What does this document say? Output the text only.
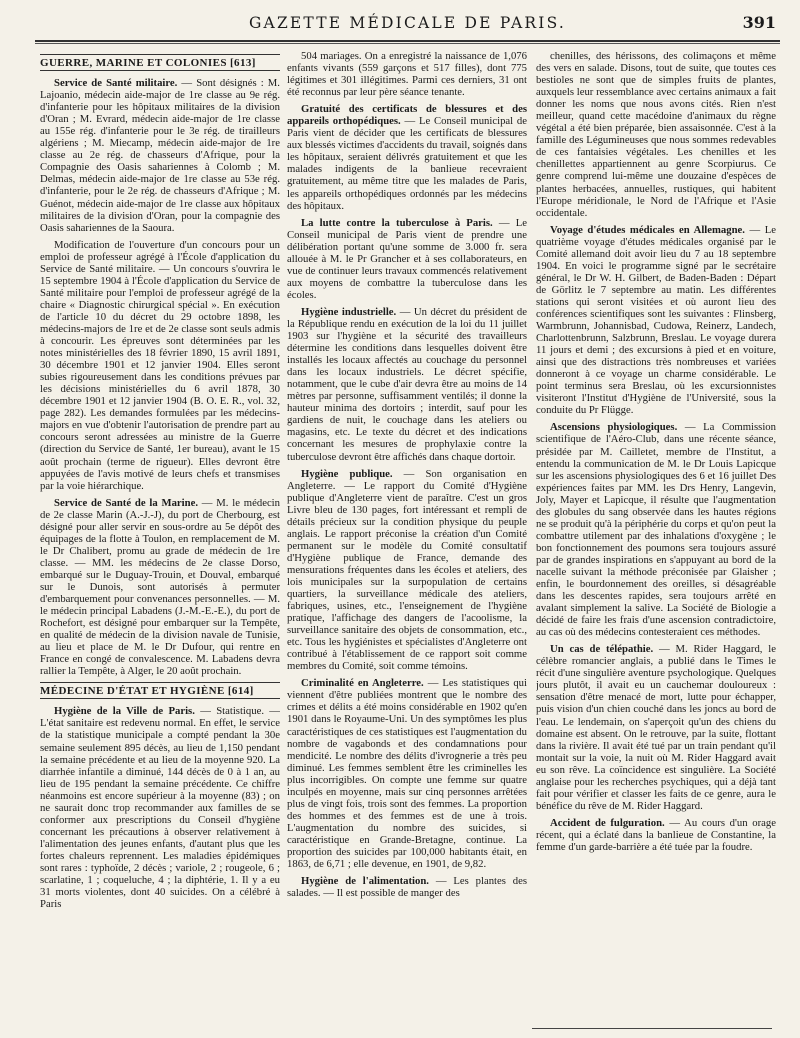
GAZETTE MÉDICALE DE PARIS.	391
GUERRE, MARINE ET COLONIES [613]

Service de Santé militaire. — Sont désignés : M. Lajoanio, médecin aide-major de 1re classe au 9e rég. d'infanterie pour les hôpitaux militaires de la division d'Oran ; M. Evrard, médecin aide-major de 1re classe au 155e rég. d'infanterie pour le 3e rég. de tirailleurs algériens ; M. Miecamp, médecin aide-major de 1re classe au 2e rég. de chasseurs d'Afrique, pour la Compagnie des Oasis sahariennes à Colomb ; M. Delmas, médecin aide-major de 1re classe au 53e rég. d'infanterie, pour le 2e rég. de chasseurs d'Afrique ; M. Guénot, médecin aide-major de 1re classe aux hôpitaux militaires de la division d'Oran, pour la compagnie des Oasis sahariennes de la Saoura.

Modification de l'ouverture d'un concours pour un emploi de professeur agrégé à l'École d'application du Service de Santé militaire. — Un concours s'ouvrira le 15 septembre 1904 à l'École d'application du Service de Santé militaire pour l'emploi de professeur agrégé de la chaire « Diagnostic chirurgical spécial ». En exécution de l'article 10 du décret du 29 octobre 1898, les médecins-majors de 1re et de 2e classe sont seuls admis à concourir. Les épreuves sont déterminées par les notes ministérielles des 18 février 1890, 15 avril 1891, 30 décembre 1901 et 12 janvier 1904. Elles seront subies rigoureusement dans les conditions prévues par les décisions ministérielles du 6 avril 1878, 30 décembre 1901 et 12 janvier 1904 (B. O. E. R., vol. 32, page 282). Les demandes formulées par les médecins-majors en vue d'obtenir l'autorisation de prendre part au concours seront adressées au ministre de la Guerre (direction du Service de Santé, 1er bureau), avant le 15 août prochain (terme de rigueur). Elles devront être appuyées de l'avis motivé de leurs chefs et transmises par la voie hiérarchique.

Service de Santé de la Marine. — M. le médecin de 2e classe Marin (A.-J.-J), du port de Cherbourg, est désigné pour aller servir en sous-ordre au 5e dépôt des équipages de la flotte à Toulon, en remplacement de M. le Dr Chalibert, promu au grade de médecin de 1re classe. — MM. les médecins de 2e classe Dorso, embarqué sur le Duguay-Trouin, et Douval, embarqué sur le Dunois, sont autorisés à permuter d'embarquement pour convenances personnelles. — M. le médecin principal Labadens (J.-M.-E.-E.), du port de Rochefort, est désigné pour embarquer sur la Tempête, en qualité de médecin de la division navale de Tunisie, au lieu et place de M. le Dr Dufour, qui rentre en France en congé de convalescence. M. Labadens devra rallier la Tempête, à Alger, le 20 août prochain.

MÉDECINE D'ÉTAT ET HYGIÈNE [614]

Hygiène de la Ville de Paris. — Statistique. — L'état sanitaire est redevenu normal. En effet, le service de la statistique municipale a compté pendant la 30e semaine seulement 895 décès, au lieu de 1,150 pendant la semaine précédente et au lieu de la moyenne 920. La diarrhée infantile a diminué, 144 décès de 0 à 1 an, au lieu de 195 pendant la semaine précédente. Ce chiffre néanmoins est encore supérieur à la moyenne (83) ; on ne saurait donc trop recommander aux familles de se conformer aux prescriptions du Conseil d'hygiène concernant les précautions à observer relativement à l'alimentation des jeunes enfants, d'autant plus que les fortes chaleurs reprennent. Les maladies épidémiques sont rares : typhoïde, 2 décès ; variole, 2 ; rougeole, 6 ; scarlatine, 1 ; coqueluche, 4 ; la diphtérie, 1. Il y a eu 31 morts violentes, dont 40 suicides. On a célébré à Paris

504 mariages. On a enregistré la naissance de 1,076 enfants vivants (559 garçons et 517 filles), dont 775 légitimes et 301 illégitimes. Parmi ces derniers, 31 ont été reconnus par leur père séance tenante.

Gratuité des certificats de blessures et des appareils orthopédiques. — Le Conseil municipal de Paris vient de décider que les certificats de blessures aux blessés victimes d'accidents du travail, soignés dans les hôpitaux, seraient délivrés gratuitement et que les malades indigents de la banlieue recevraient gratuitement, au même titre que les malades de Paris, les appareils orthopédiques ordonnés par les médecins des hôpitaux.

La lutte contre la tuberculose à Paris. — Le Conseil municipal de Paris vient de prendre une délibération portant qu'une somme de 3.000 fr. sera allouée à M. le Pr Grancher et à ses collaborateurs, en vue de continuer leurs travaux commencés relativement aux moyens de combattre la tuberculose dans les écoles.

Hygiène industrielle. — Un décret du président de la République rendu en exécution de la loi du 11 juillet 1903 sur l'hygiène et la sécurité des travailleurs détermine les conditions dans lesquelles doivent être installés les locaux affectés au couchage du personnel dans les locaux industriels. Le décret spécifie, notamment, que le cube d'air devra être au moins de 14 mètres par personne, suffisamment ventilés; il donne la hauteur minima des dortoirs ; interdit, sauf pour les gardiens de nuit, le couchage dans les ateliers ou magasins, etc. Le texte du décret et des indications concernant les mesures de prophylaxie contre la tuberculose devront être affichés dans chaque dortoir.

Hygiène publique. — Son organisation en Angleterre. — Le rapport du Comité d'Hygiène publique d'Angleterre vient de paraître. C'est un gros Livre bleu de 130 pages, fort intéressant et rempli de détails précieux sur la condition physique du peuple anglais. Le rapport préconise la création d'un Comité permanent sur le modèle du Comité consultatif d'Hygiène publique de France, demande des mensurations fréquentes dans les écoles et ateliers, des lois municipales sur la surpopulation de certains quartiers, la surveillance médicale des ateliers, fabriques, usines, etc., l'enseignement de l'hygiène pratique, l'affichage des dangers de l'acoolisme, la surveillance sanitaire des objets de consommation, etc., etc. Tous les hygiénistes et spécialistes d'Angleterre ont contribué à l'établissement de ce rapport soit comme membres du Comité, soit comme témoins.

Criminalité en Angleterre. — Les statistiques qui viennent d'être publiées montrent que le nombre des crimes et délits a été moins considérable en 1902 qu'en 1901 dans le Royaume-Uni. Un des symptômes les plus caractéristiques de ces statistiques est l'augmentation du nombre de vagabonds et des condamnations pour mendicité. Le nombre des délits d'ivrognerie a très peu diminué. Les femmes semblent être les criminelles les plus incorrigibles. On compte une femme sur quatre inculpés en moyenne, mais sur cinq personnes arrêtées plus de vingt fois, trois sont des femmes. La proportion des hommes et des femmes est de une à trois. L'augmentation du nombre des suicides, si caractéristique en Grande-Bretagne, continue. La proportion des suicides par 100,000 habitants était, en 1863, de 6,71 ; elle devenue, en 1901, de 9,82.

Hygiène de l'alimentation. — Les plantes des salades. — Il est possible de manger des

chenilles, des hérissons, des colimaçons et même des vers en salade. Disons, tout de suite, que toutes ces bestioles ne sont que de simples fruits de plantes, auxquels leur ressemblance avec certains animaux a fait donner les noms que nous avons cités. Rien n'est meilleur, quand cette macédoine d'animaux du règne végétal a été bien préparée, bien assaisonnée. C'est à la famille des Légumineuses que nous sommes redevables de ces fantaisies végétales. Les chenilles et les chenillettes appartiennent au genre Scorpiurus. Ce genre comprend lui-même une douzaine d'espèces de plantes herbacées, annuelles, rustiques, qui habitent l'Europe méridionale, le Nord de l'Afrique et l'Asie occidentale.

Voyage d'études médicales en Allemagne. — Le quatrième voyage d'études médicales organisé par le Comité allemand doit avoir lieu du 7 au 18 septembre 1904. En voici le programme signé par le secrétaire général, le Dr W. H. Gilbert, de Baden-Baden : Départ de Görlitz le 7 septembre au matin. Les différentes stations qui seront visitées et où auront lieu des conférences scientifiques sont les suivantes : Flinsberg, Warmbrunn, Johannisbad, Cudowa, Reinerz, Landech, Charlottenbrunn, Salzbrunn, Breslau. Le voyage durera 11 jours et demi ; des excursions à pied et en voiture, ainsi que des distractions très nombreuses et variées donneront à ce voyage un charme considérable. Le point terminus sera Breslau, où les excursionnistes visiteront l'Institut d'Hygiène de l'Université, sous la conduite du Pr Flügge.

Ascensions physiologiques. — La Commission scientifique de l'Aéro-Club, dans une récente séance, présidée par M. Cailletet, membre de l'Institut, a entendu la communication de M. le Dr Louis Lapicque sur les ascensions physiologiques des 6 et 16 juillet Des expériences faites par MM. les Drs Henry, Langevin, Joly, Mayer et Lapicque, il résulte que l'augmentation des globules du sang observée dans les hautes régions ne se produit qu'à la périphérie du corps et qu'on peut la combattre utilement par des inhalations d'oxygène ; le bon fonctionnement des poumons sera toujours assuré par de grandes inspirations en s'appuyant au bord de la nacelle suivant la méthode préconisée par Glaisher ; enfin, le bourdonnement des oreilles, si désagréable dans les descentes rapides, sera toujours arrêté en avalant simplement la salive. La Société de Biologie a décidé de faire les frais d'une ascension contradictoire, au cas où des médecins contesteraient ces méthodes.

Un cas de télépathie. — M. Rider Haggard, le célèbre romancier anglais, a publié dans le Times le récit d'une singulière aventure psychologique. Quelques jours plutôt, il avait eu un cauchemar douloureux : sensation d'être menacé de mort, lutte pour échapper, puis vision d'un chien couché dans les joncs au bord de l'eau. Le lendemain, on s'aperçoit qu'un des chiens du domaine est absent. On le retrouve, par la suite, flottant dans la rivière. Il avait été tué par un train pendant qu'il montait sur la voie, la nuit où M. Rider Haggard avait eu son rêve. La coïncidence est singulière. La Société anglaise pour les recherches psychiques, qui a déjà tant fait pour vérifier et classer les faits de ce genre, aura le bénéfice du rêve de M. Rider Haggard.

Accident de fulguration. — Au cours d'un orage récent, qui a éclaté dans la banlieue de Constantine, la femme d'un garde-barrière a été tuée par la foudre.
